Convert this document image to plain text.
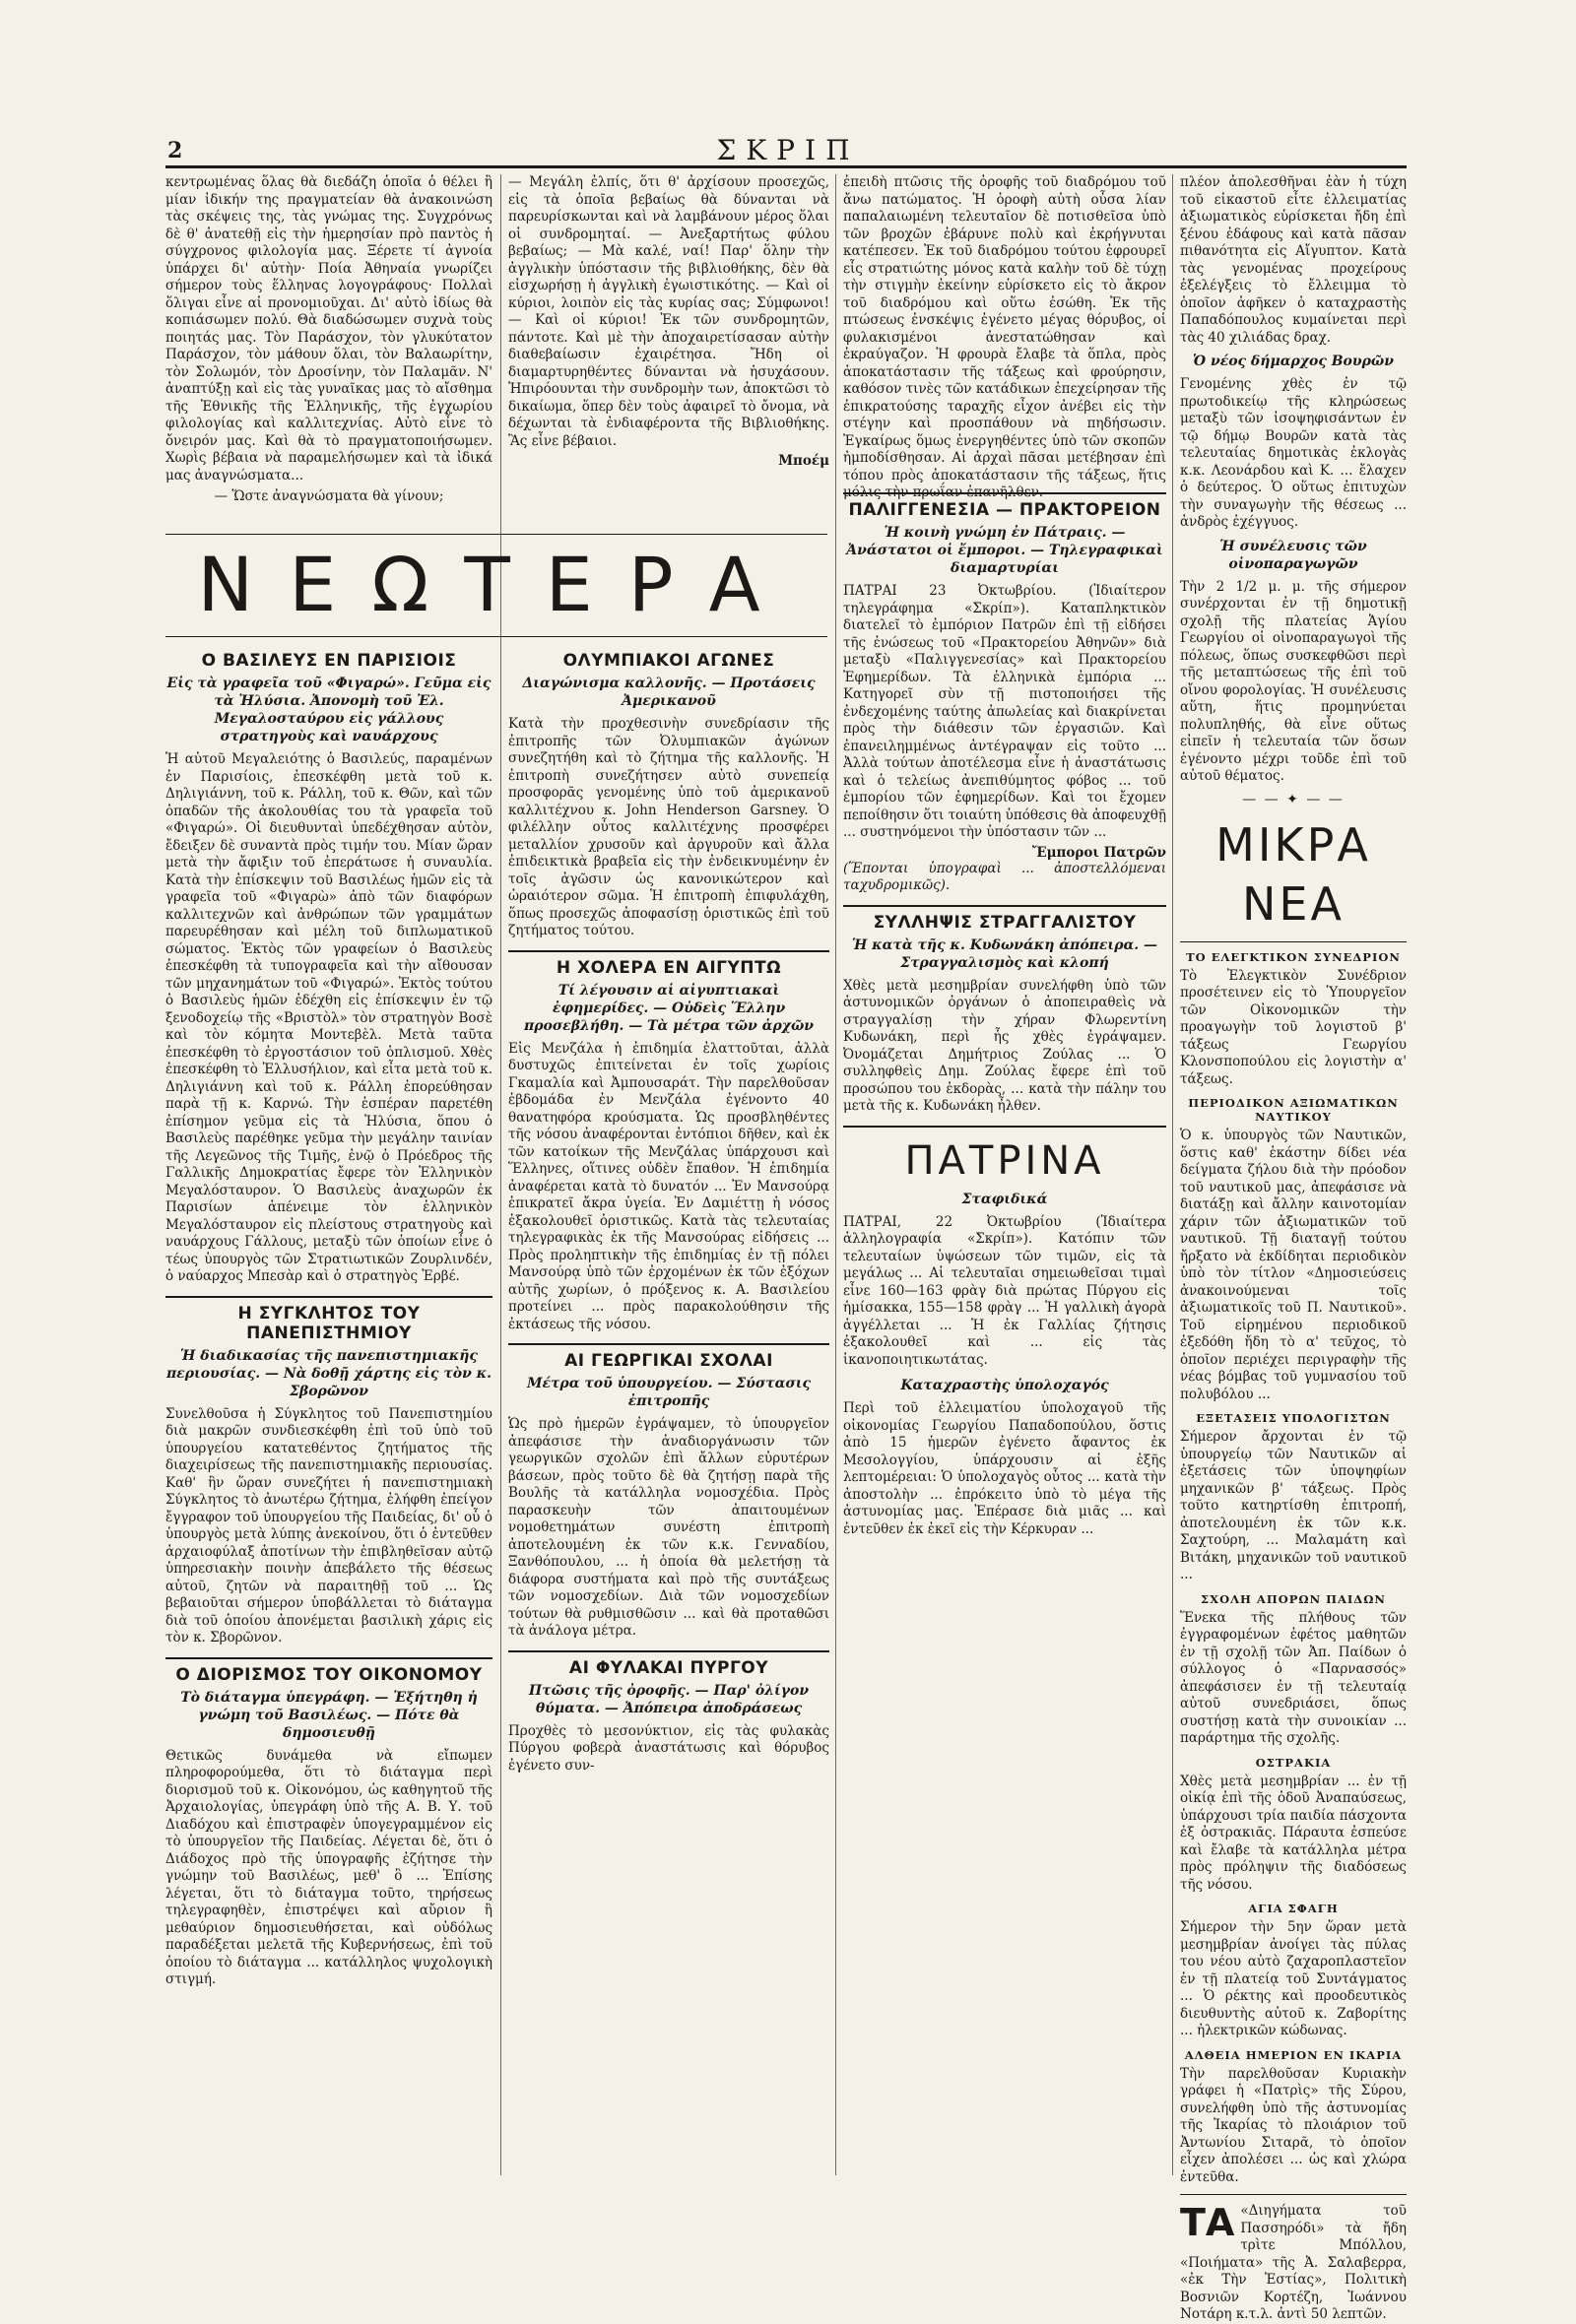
2	ΣΚΡΙΠ

κεντρωμένας ὅλας θὰ διεδάζη ὁποῖα ὁ θέλει ἢ μίαν ἰδικήν της πραγματείαν θὰ ἀνακοινώση τὰς σκέψεις της, τὰς γνώμας της. Συγχρόνως δὲ θ' ἀνατεθῇ εἰς τὴν ἡμερησίαν πρὸ παντὸς ἡ σύγχρονος φιλολογία μας. Ξέρετε τί ἀγνοία ὑπάρχει δι' αὐτὴν· Ποία Ἀθηναία γνωρίζει σήμερον τοὺς ἕλληνας λογογράφους· Πολλαὶ ὅλιγαι εἶνε αἱ προνομιοῦχαι. Δι' αὐτὸ ἰδίως θὰ κοπιάσωμεν πολύ. Θὰ διαδώσωμεν συχνὰ τοὺς ποιητάς μας. Τὸν Παράσχον, τὸν γλυκύτατον Παράσχον, τὸν μάθουν ὅλαι, τὸν Βαλαωρίτην, τὸν Σολωμόν, τὸν Δροσίνην, τὸν Παλαμᾶν. Ν' ἀναπτύξῃ καὶ εἰς τὰς γυναῖκας μας τὸ αἴσθημα τῆς Ἐθνικῆς τῆς Ἑλληνικῆς, τῆς ἐγχωρίου φιλολογίας καὶ καλλιτεχνίας. Αὐτὸ εἶνε τὸ ὄνειρόν μας. Καὶ θὰ τὸ πραγματοποιήσωμεν. Χωρὶς βέβαια νὰ παραμελήσωμεν καὶ τὰ ἰδικά μας ἀναγνώσματα...

— Ὥστε ἀναγνώσματα θὰ γίνουν;

— Μεγάλη ἐλπίς, ὅτι θ' ἀρχίσουν προσεχῶς, εἰς τὰ ὁποῖα βεβαίως θὰ δύνανται νὰ παρευρίσκωνται καὶ νὰ λαμβάνουν μέρος ὅλαι οἱ συνδρομηταί. — Ἀνεξαρτήτως φύλου βεβαίως; — Μὰ καλέ, ναί! Παρ' ὅλην τὴν ἀγγλικὴν ὑπόστασιν τῆς βιβλιοθήκης, δὲν θὰ εἰσχωρήσῃ ἡ ἀγγλικὴ ἐγωιστικότης. — Καὶ οἱ κύριοι, λοιπὸν εἰς τὰς κυρίας σας; Σύμφωνοι! — Καὶ οἱ κύριοι! Ἐκ τῶν συνδρομητῶν, πάντοτε. Καὶ μὲ τὴν ἀποχαιρετίσασαν αὐτὴν διαθεβαίωσιν ἐχαιρέτησα. Ἤδη οἱ διαμαρτυρηθέντες δύνανται νὰ ἡσυχάσουν. Ἠπιρόουνται τὴν συνδρομὴν των, ἀποκτῶσι τὸ δικαίωμα, ὅπερ δὲν τοὺς ἀφαιρεῖ τὸ ὄνομα, νὰ δέχωνται τὰ ἐνδιαφέροντα τῆς Βιβλιοθήκης. Ἂς εἶνε βέβαιοι.

Μποέμ

ἐπειδὴ πτῶσις τῆς ὀροφῆς τοῦ διαδρόμου τοῦ ἄνω πατώματος. Ἡ ὀροφὴ αὐτὴ οὖσα λίαν παπαλαιωμένη τελευταῖον δὲ ποτισθεῖσα ὑπὸ τῶν βροχῶν ἐβάρυνε πολὺ καὶ ἐκρήγνυται κατέπεσεν. Ἐκ τοῦ διαδρόμου τούτου ἐφρουρεῖ εἷς στρατιώτης μόνος κατὰ καλὴν τοῦ δὲ τύχῃ τὴν στιγμὴν ἐκείνην εὑρίσκετο εἰς τὸ ἄκρον τοῦ διαδρόμου καὶ οὕτω ἐσώθη. Ἐκ τῆς πτώσεως ἐνσκέψις ἐγένετο μέγας θόρυβος, οἱ φυλακισμένοι ἀνεστατώθησαν καὶ ἐκραύγαζον. Ἡ φρουρὰ ἔλαβε τὰ ὅπλα, πρὸς ἀποκατάστασιν τῆς τάξεως καὶ φρούρησιν, καθόσον τινὲς τῶν κατάδικων ἐπεχείρησαν τῆς ἐπικρατούσης ταραχῆς εἶχον ἀνέβει εἰς τὴν στέγην καὶ προσπάθουν νὰ πηδήσωσιν. Ἐγκαίρως ὅμως ἐνεργηθέντες ὑπὸ τῶν σκοπῶν ἠμποδίσθησαν. Αἱ ἀρχαὶ πᾶσαι μετέβησαν ἐπὶ τόπου πρὸς ἀποκατάστασιν τῆς τάξεως, ἥτις μόλις τὴν πρωΐαν ἐπανῆλθεν.

ΝΕΩΤΕΡΑ
Ο ΒΑΣΙΛΕΥΣ ΕΝ ΠΑΡΙΣΙΟΙΣ
Εἰς τὰ γραφεῖα τοῦ «Φιγαρώ». Γεῦμα εἰς τὰ Ἠλύσια. Ἀπονομὴ τοῦ Ἐλ. Μεγαλοσταύρου εἰς γάλλους στρατηγοὺς καὶ ναυάρχους

Ἡ αὐτοῦ Μεγαλειότης ὁ Βασιλεύς, παραμένων ἐν Παρισίοις, ἐπεσκέφθη μετὰ τοῦ κ. Δηλιγιάννη, τοῦ κ. Ράλλη, τοῦ κ. Θῶν, καὶ τῶν ὀπαδῶν τῆς ἀκολουθίας του τὰ γραφεῖα τοῦ «Φιγαρώ». Οἱ διευθυνταὶ ὑπεδέχθησαν αὐτὸν, ἔδειξεν δὲ συναντὰ πρὸς τιμήν του. Μίαν ὥραν μετὰ τὴν ἄφιξιν τοῦ ἐπεράτωσε ἡ συναυλία. Κατὰ τὴν ἐπίσκεψιν τοῦ Βασιλέως ἡμῶν εἰς τὰ γραφεῖα τοῦ «Φιγαρὼ» ἀπὸ τῶν διαφόρων καλλιτεχνῶν καὶ ἀνθρώπων τῶν γραμμάτων παρευρέθησαν καὶ μέλη τοῦ διπλωματικοῦ σώματος. Ἐκτὸς τῶν γραφείων ὁ Βασιλεὺς ἐπεσκέφθη τὰ τυπογραφεῖα καὶ τὴν αἴθουσαν τῶν μηχανημάτων τοῦ «Φιγαρώ». Ἐκτὸς τούτου ὁ Βασιλεὺς ἡμῶν ἐδέχθη εἰς ἐπίσκεψιν ἐν τῷ ξενοδοχείῳ τῆς «Βριστὸλ» τὸν στρατηγὸν Βοσὲ καὶ τὸν κόμητα Μοντεβὲλ. Μετὰ ταῦτα ἐπεσκέφθη τὸ ἐργοστάσιον τοῦ ὁπλισμοῦ. Χθὲς ἐπεσκέφθη τὸ Ἐλλυσήλιον, καὶ εἶτα μετὰ τοῦ κ. Δηλιγιάννη καὶ τοῦ κ. Ράλλη ἐπορεύθησαν παρὰ τῇ κ. Καρνώ. Τὴν ἑσπέραν παρετέθη ἐπίσημον γεῦμα εἰς τὰ Ἠλύσια, ὅπου ὁ Βασιλεὺς παρέθηκε γεῦμα τὴν μεγάλην ταινίαν τῆς Λεγεῶνος τῆς Τιμῆς, ἐνῷ ὁ Πρόεδρος τῆς Γαλλικῆς Δημοκρατίας ἔφερε τὸν Ἑλληνικὸν Μεγαλόσταυρον. Ὁ Βασιλεὺς ἀναχωρῶν ἐκ Παρισίων ἀπένειμε τὸν ἑλληνικὸν Μεγαλόσταυρον εἰς πλείστους στρατηγοὺς καὶ ναυάρχους Γάλλους, μεταξὺ τῶν ὁποίων εἶνε ὁ τέως ὑπουργὸς τῶν Στρατιωτικῶν Ζουρλινδέν, ὁ ναύαρχος Μπεσὰρ καὶ ὁ στρατηγὸς Ἐρβέ.

Η ΣΥΓΚΛΗΤΟΣ ΤΟΥ ΠΑΝΕΠΙΣΤΗΜΙΟΥ
Ἡ διαδικασίας τῆς πανεπιστημιακῆς περιουσίας. — Νὰ δοθῇ χάρτης εἰς τὸν κ. Σβορῶνον

Συνελθοῦσα ἡ Σύγκλητος τοῦ Πανεπιστημίου διὰ μακρῶν συνδιεσκέφθη ἐπὶ τοῦ ὑπὸ τοῦ ὑπουργείου κατατεθέντος ζητήματος τῆς διαχειρίσεως τῆς πανεπιστημιακῆς περιουσίας. Καθ' ἣν ὥραν συνεζήτει ἡ πανεπιστημιακὴ Σύγκλητος τὸ ἀνωτέρω ζήτημα, ἐλήφθη ἐπείγον ἔγγραφον τοῦ ὑπουργείου τῆς Παιδείας, δι' οὗ ὁ ὑπουργὸς μετὰ λύπης ἀνεκοίνου, ὅτι ὁ ἐντεῦθεν ἀρχαιοφύλαξ ἀποτίνων τὴν ἐπιβληθεῖσαν αὐτῷ ὑπηρεσιακὴν ποινὴν ἀπεβάλετο τῆς θέσεως αὐτοῦ, ζητῶν νὰ παραιτηθῇ τοῦ ... Ὡς βεβαιοῦται σήμερον ὑποβάλλεται τὸ διάταγμα διὰ τοῦ ὁποίου ἀπονέμεται βασιλικὴ χάρις εἰς τὸν κ. Σβορῶνον.

Ο ΔΙΟΡΙΣΜΟΣ ΤΟΥ ΟΙΚΟΝΟΜΟΥ
Τὸ διάταγμα ὑπεγράφη. — Ἐξήτηθη ἡ γνώμη τοῦ Βασιλέως. — Πότε θὰ δημοσιευθῇ

Θετικῶς δυνάμεθα νὰ εἴπωμεν πληροφορούμεθα, ὅτι τὸ διάταγμα περὶ διορισμοῦ τοῦ κ. Οἰκονόμου, ὡς καθηγητοῦ τῆς Ἀρχαιολογίας, ὑπεγράφη ὑπὸ τῆς Α. Β. Υ. τοῦ Διαδόχου καὶ ἐπιστραφὲν ὑπογεγραμμένον εἰς τὸ ὑπουργεῖον τῆς Παιδείας. Λέγεται δὲ, ὅτι ὁ Διάδοχος πρὸ τῆς ὑπογραφῆς ἐζήτησε τὴν γνώμην τοῦ Βασιλέως, μεθ' ὃ ... Ἐπίσης λέγεται, ὅτι τὸ διάταγμα τοῦτο, τηρήσεως τηλεγραφηθὲν, ἐπιστρέψει καὶ αὔριον ἢ μεθαύριον δημοσιευθήσεται, καὶ οὐδόλως παραδέξεται μελετᾶ τῆς Κυβερνήσεως, ἐπὶ τοῦ ὁποίου τὸ διάταγμα ... κατάλληλος ψυχολογικὴ στιγμή.

ΟΛΥΜΠΙΑΚΟΙ ΑΓΩΝΕΣ
Διαγώνισμα καλλονῆς. — Προτάσεις Ἀμερικανοῦ

Κατὰ τὴν προχθεσινὴν συνεδρίασιν τῆς ἐπιτροπῆς τῶν Ὀλυμπιακῶν ἀγώνων συνεζητήθη καὶ τὸ ζήτημα τῆς καλλονῆς. Ἡ ἐπιτροπὴ συνεζήτησεν αὐτὸ συνεπείᾳ προσφορᾶς γενομένης ὑπὸ τοῦ ἀμερικανοῦ καλλιτέχνου κ. John Henderson Garsney. Ὁ φιλέλλην οὗτος καλλιτέχνης προσφέρει μεταλλίον χρυσοῦν καὶ ἀργυροῦν καὶ ἄλλα ἐπιδεικτικὰ βραβεῖα εἰς τὴν ἐνδεικνυμένην ἐν τοῖς ἀγῶσιν ὡς κανονικώτερον καὶ ὡραιότερον σῶμα. Ἡ ἐπιτροπὴ ἐπιφυλάχθη, ὅπως προσεχῶς ἀποφασίσῃ ὁριστικῶς ἐπὶ τοῦ ζητήματος τούτου.

Η ΧΟΛΕΡΑ ΕΝ ΑΙΓΥΠΤΩ
Τί λέγουσιν αἱ αἰγυπτιακαὶ ἐφημερίδες. — Οὐδεὶς Ἕλλην προσεβλήθη. — Τὰ μέτρα τῶν ἀρχῶν

Εἰς Μενζάλα ἡ ἐπιδημία ἐλαττοῦται, ἀλλὰ δυστυχῶς ἐπιτείνεται ἐν τοῖς χωρίοις Γκαμαλία καὶ Ἀμπουσαράτ. Τὴν παρελθοῦσαν ἑβδομάδα ἐν Μενζάλα ἐγένοντο 40 θανατηφόρα κρούσματα. Ὡς προσβληθέντες τῆς νόσου ἀναφέρονται ἐντόπιοι δῆθεν, καὶ ἐκ τῶν κατοίκων τῆς Μενζάλας ὑπάρχουσι καὶ Ἕλληνες, οἵτινες οὐδὲν ἔπαθον. Ἡ ἐπιδημία ἀναφέρεται κατὰ τὸ δυνατόν ... Ἐν Μανσούρᾳ ἐπικρατεῖ ἄκρα ὑγεία. Ἐν Δαμιέττῃ ἡ νόσος ἐξακολουθεῖ ὁριστικῶς. Κατὰ τὰς τελευταίας τηλεγραφικὰς ἐκ τῆς Μανσούρας εἰδήσεις ... Πρὸς προληπτικὴν τῆς ἐπιδημίας ἐν τῇ πόλει Μανσούρᾳ ὑπὸ τῶν ἐρχομένων ἐκ τῶν ἐξόχων αὐτῆς χωρίων, ὁ πρόξενος κ. Α. Βασιλείου προτείνει ... πρὸς παρακολούθησιν τῆς ἐκτάσεως τῆς νόσου.

ΑΙ ΓΕΩΡΓΙΚΑΙ ΣΧΟΛΑΙ
Μέτρα τοῦ ὑπουργείου. — Σύστασις ἐπιτροπῆς

Ὡς πρὸ ἡμερῶν ἐγράψαμεν, τὸ ὑπουργεῖον ἀπεφάσισε τὴν ἀναδιοργάνωσιν τῶν γεωργικῶν σχολῶν ἐπὶ ἄλλων εὐρυτέρων βάσεων, πρὸς τοῦτο δὲ θὰ ζητήσῃ παρὰ τῆς Βουλῆς τὰ κατάλληλα νομοσχέδια. Πρὸς παρασκευὴν τῶν ἀπαιτουμένων νομοθετημάτων συνέστη ἐπιτροπὴ ἀποτελουμένη ἐκ τῶν κ.κ. Γενναδίου, Ξανθόπουλου, ... ἡ ὁποία θὰ μελετήσῃ τὰ διάφορα συστήματα καὶ πρὸ τῆς συντάξεως τῶν νομοσχεδίων. Διὰ τῶν νομοσχεδίων τούτων θὰ ρυθμισθῶσιν ... καὶ θὰ προταθῶσι τὰ ἀνάλογα μέτρα.

ΑΙ ΦΥΛΑΚΑΙ ΠΥΡΓΟΥ
Πτῶσις τῆς ὀροφῆς. — Παρ' ὀλίγον θύματα. — Ἀπόπειρα ἀποδράσεως

Προχθὲς τὸ μεσονύκτιον, εἰς τὰς φυλακὰς Πύργου φοβερὰ ἀναστάτωσις καὶ θόρυβος ἐγένετο συν-

ΠΑΛΙΓΓΕΝΕΣΙΑ — ΠΡΑΚΤΟΡΕΙΟΝ
Ἡ κοινὴ γνώμη ἐν Πάτραις. — Ἀνάστατοι οἱ ἔμποροι. — Τηλεγραφικαὶ διαμαρτυρίαι

ΠΑΤΡΑΙ 23 Ὀκτωβρίου. (Ἰδιαίτερον τηλεγράφημα «Σκρίπ»). Καταπληκτικὸν διατελεῖ τὸ ἐμπόριον Πατρῶν ἐπὶ τῇ εἰδήσει τῆς ἐνώσεως τοῦ «Πρακτορείου Ἀθηνῶν» διὰ μεταξὺ «Παλιγγενεσίας» καὶ Πρακτορείου Ἐφημερίδων. Τὰ ἐλληνικὰ ἐμπόρια ... Κατηγορεῖ σὺν τῇ πιστοποιήσει τῆς ἐνδεχομένης ταύτης ἀπωλείας καὶ διακρίνεται πρὸς τὴν διάθεσιν τῶν ἐργασιῶν. Καὶ ἐπανειλημμένως ἀντέγραψαν εἰς τοῦτο ... Ἀλλὰ τούτων ἀποτέλεσμα εἶνε ἡ ἀναστάτωσις καὶ ὁ τελείως ἀνεπιθύμητος φόβος ... τοῦ ἐμπορίου τῶν ἐφημερίδων. Καὶ τοι ἔχομεν πεποίθησιν ὅτι τοιαύτη ὑπόθεσις θὰ ἀποφευχθῇ ... συστηνόμενοι τὴν ὑπόστασιν τῶν ...

Ἔμποροι Πατρῶν

(Ἕπονται ὑπογραφαὶ ... ἀποστελλόμεναι ταχυδρομικῶς).

ΣΥΛΛΗΨΙΣ ΣΤΡΑΓΓΑΛΙΣΤΟΥ
Ἡ κατὰ τῆς κ. Κυδωνάκη ἀπόπειρα. — Στραγγαλισμὸς καὶ κλοπή

Χθὲς μετὰ μεσημβρίαν συνελήφθη ὑπὸ τῶν ἀστυνομικῶν ὀργάνων ὁ ἀποπειραθεὶς νὰ στραγγαλίσῃ τὴν χήραν Φλωρεντίνη Κυδωνάκη, περὶ ἧς χθὲς ἐγράψαμεν. Ὀνομάζεται Δημήτριος Ζούλας ... Ὁ συλληφθεὶς Δημ. Ζούλας ἔφερε ἐπὶ τοῦ προσώπου του ἐκδορὰς, ... κατὰ τὴν πάλην του μετὰ τῆς κ. Κυδωνάκη ἦλθεν.

ΠΑΤΡΙΝΑ
Σταφιδικά

ΠΑΤΡΑΙ, 22 Ὀκτωβρίου (Ἰδιαίτερα ἀλληλογραφία «Σκρίπ»). Κατόπιν τῶν τελευταίων ὑψώσεων τῶν τιμῶν, εἰς τὰ μεγάλως ... Αἱ τελευταῖαι σημειωθεῖσαι τιμαὶ εἶνε 160—163 φρὰγ διὰ πρώτας Πύργου εἰς ἡμίσακκα, 155—158 φρὰγ ... Ἡ γαλλικὴ ἀγορὰ ἀγγέλλεται ... Ἡ ἐκ Γαλλίας ζήτησις ἐξακολουθεῖ καὶ ... εἰς τὰς ἱκανοποιητικωτάτας.

Καταχραστὴς ὑπολοχαγός

Περὶ τοῦ ἐλλειματίου ὑπολοχαγοῦ τῆς οἰκονομίας Γεωργίου Παπαδοπούλου, ὅστις ἀπὸ 15 ἡμερῶν ἐγένετο ἄφαντος ἐκ Μεσολογγίου, ὑπάρχουσιν αἱ ἑξῆς λεπτομέρειαι: Ὁ ὑπολοχαγὸς οὗτος ... κατὰ τὴν ἀποστολὴν ... ἐπρόκειτο ὑπὸ τὸ μέγα τῆς ἀστυνομίας μας. Ἐπέρασε διὰ μιᾶς ... καὶ ἐντεῦθεν ἐκ ἐκεῖ εἰς τὴν Κέρκυραν ...

πλέον ἀπολεσθῆναι ἐὰν ἡ τύχη τοῦ εἰκαστοῦ εἶτε ἐλλειματίας ἀξιωματικὸς εὑρίσκεται ἤδη ἐπὶ ξένου ἐδάφους καὶ κατὰ πᾶσαν πιθανότητα εἰς Αἴγυπτον. Κατὰ τὰς γενομένας προχείρους ἐξελέγξεις τὸ ἔλλειμμα τὸ ὁποῖον ἀφῆκεν ὁ καταχραστὴς Παπαδόπουλος κυμαίνεται περὶ τὰς 40 χιλιάδας δραχ.

Ὁ νέος δήμαρχος Βουρῶν

Γενομένης χθὲς ἐν τῷ πρωτοδικείῳ τῆς κληρώσεως μεταξὺ τῶν ἰσοψηφισάντων ἐν τῷ δήμῳ Βουρῶν κατὰ τὰς τελευταίας δημοτικὰς ἐκλογὰς κ.κ. Λεονάρδου καὶ Κ. ... ἔλαχεν ὁ δεύτερος. Ὁ οὕτως ἐπιτυχὼν τὴν συναγωγὴν τῆς θέσεως ... ἀνδρὸς ἐχέγγυος.

Ἡ συνέλευσις τῶν οἰνοπαραγωγῶν

Τὴν 2 1/2 μ. μ. τῆς σήμερον συνέρχονται ἐν τῇ δημοτικῇ σχολῇ τῆς πλατείας Ἁγίου Γεωργίου οἱ οἰνοπαραγωγοὶ τῆς πόλεως, ὅπως συσκεφθῶσι περὶ τῆς μεταπτώσεως τῆς ἐπὶ τοῦ οἴνου φορολογίας. Ἡ συνέλευσις αὕτη, ἥτις προμηνύεται πολυπληθής, θὰ εἶνε οὕτως εἰπεῖν ἡ τελευταία τῶν ὅσων ἐγένοντο μέχρι τοῦδε ἐπὶ τοῦ αὐτοῦ θέματος.

— — ✦ — —
ΜΙΚΡΑ ΝΕΑ
ΤΟ ΕΛΕΓΚΤΙΚΟΝ ΣΥΝΕΔΡΙΟΝ

Τὸ Ἐλεγκτικὸν Συνέδριον προσέτεινεν εἰς τὸ Ὑπουργεῖον τῶν Οἰκονομικῶν τὴν προαγωγὴν τοῦ λογιστοῦ β' τάξεως Γεωργίου Κλονσποπούλου εἰς λογιστὴν α' τάξεως.

ΠΕΡΙΟΔΙΚΟΝ ΑΞΙΩΜΑΤΙΚΩΝ ΝΑΥΤΙΚΟΥ

Ὁ κ. ὑπουργὸς τῶν Ναυτικῶν, ὅστις καθ' ἑκάστην δίδει νέα δείγματα ζήλου διὰ τὴν πρόοδον τοῦ ναυτικοῦ μας, ἀπεφάσισε νὰ διατάξῃ καὶ ἄλλην καινοτομίαν χάριν τῶν ἀξιωματικῶν τοῦ ναυτικοῦ. Τῇ διαταγῇ τούτου ἤρξατο νὰ ἐκδίδηται περιοδικὸν ὑπὸ τὸν τίτλον «Δημοσιεύσεις ἀνακοινούμεναι τοῖς ἀξιωματικοῖς τοῦ Π. Ναυτικοῦ». Τοῦ εἰρημένου περιοδικοῦ ἐξεδόθη ἤδη τὸ α' τεῦχος, τὸ ὁποῖον περιέχει περιγραφὴν τῆς νέας βόμβας τοῦ γυμνασίου τοῦ πολυβόλου ...

ΕΞΕΤΑΣΕΙΣ ΥΠΟΛΟΓΙΣΤΩΝ

Σήμερον ἄρχονται ἐν τῷ ὑπουργείῳ τῶν Ναυτικῶν αἱ ἐξετάσεις τῶν ὑποψηφίων μηχανικῶν β' τάξεως. Πρὸς τοῦτο κατηρτίσθη ἐπιτροπή, ἀποτελουμένη ἐκ τῶν κ.κ. Σαχτούρη, ... Μαλαμάτη καὶ Βιτάκη, μηχανικῶν τοῦ ναυτικοῦ ...

ΣΧΟΛΗ ΑΠΟΡΩΝ ΠΑΙΔΩΝ

Ἕνεκα τῆς πλήθους τῶν ἐγγραφομένων ἐφέτος μαθητῶν ἐν τῇ σχολῇ τῶν Ἀπ. Παίδων ὁ σύλλογος ὁ «Παρνασσός» ἀπεφάσισεν ἐν τῇ τελευταίᾳ αὐτοῦ συνεδριάσει, ὅπως συστήσῃ κατὰ τὴν συνοικίαν ... παράρτημα τῆς σχολῆς.

ΟΣΤΡΑΚΙΑ

Χθὲς μετὰ μεσημβρίαν ... ἐν τῇ οἰκίᾳ ἐπὶ τῆς ὁδοῦ Ἀναπαύσεως, ὑπάρχουσι τρία παιδία πάσχοντα ἐξ ὀστρακιᾶς. Πάραυτα ἐσπεύσε καὶ ἔλαβε τὰ κατάλληλα μέτρα πρὸς πρόληψιν τῆς διαδόσεως τῆς νόσου.

ΑΓΙΑ ΣΦΑΓΗ

Σήμερον τὴν 5ην ὥραν μετὰ μεσημβρίαν ἀνοίγει τὰς πύλας του νέου αὐτὸ ζαχαροπλαστεῖον ἐν τῇ πλατείᾳ τοῦ Συντάγματος ... Ὁ ρέκτης καὶ προοδευτικὸς διευθυντὴς αὐτοῦ κ. Ζαβορίτης ... ἠλεκτρικῶν κώδωνας.

ΑΛΘΕΙΑ ΗΜΕΡΙΟΝ ΕΝ ΙΚΑΡΙΑ

Τὴν παρελθοῦσαν Κυριακὴν γράφει ἡ «Πατρὶς» τῆς Σύρου, συνελήφθη ὑπὸ τῆς ἀστυνομίας τῆς Ἰκαρίας τὸ πλοιάριον τοῦ Ἀντωνίου Σιταρᾶ, τὸ ὁποῖον εἶχεν ἀπολέσει ... ὡς καὶ χλώρα ἐντεῦθα.

ΤΑ «Διηγήματα τοῦ Πασσηρόδι» τὰ ἤδη τρὶτε Μπόλλου, «Ποιήματα» τῆς Ἀ. Σαλαβερρα, «ἐκ Τὴν Ἐστίας», Πολιτικὴ Βοσνιῶν Κορτέζη, Ἰωάννου Νοτάρη κ.τ.λ. ἀντὶ 50 λεπτῶν.
